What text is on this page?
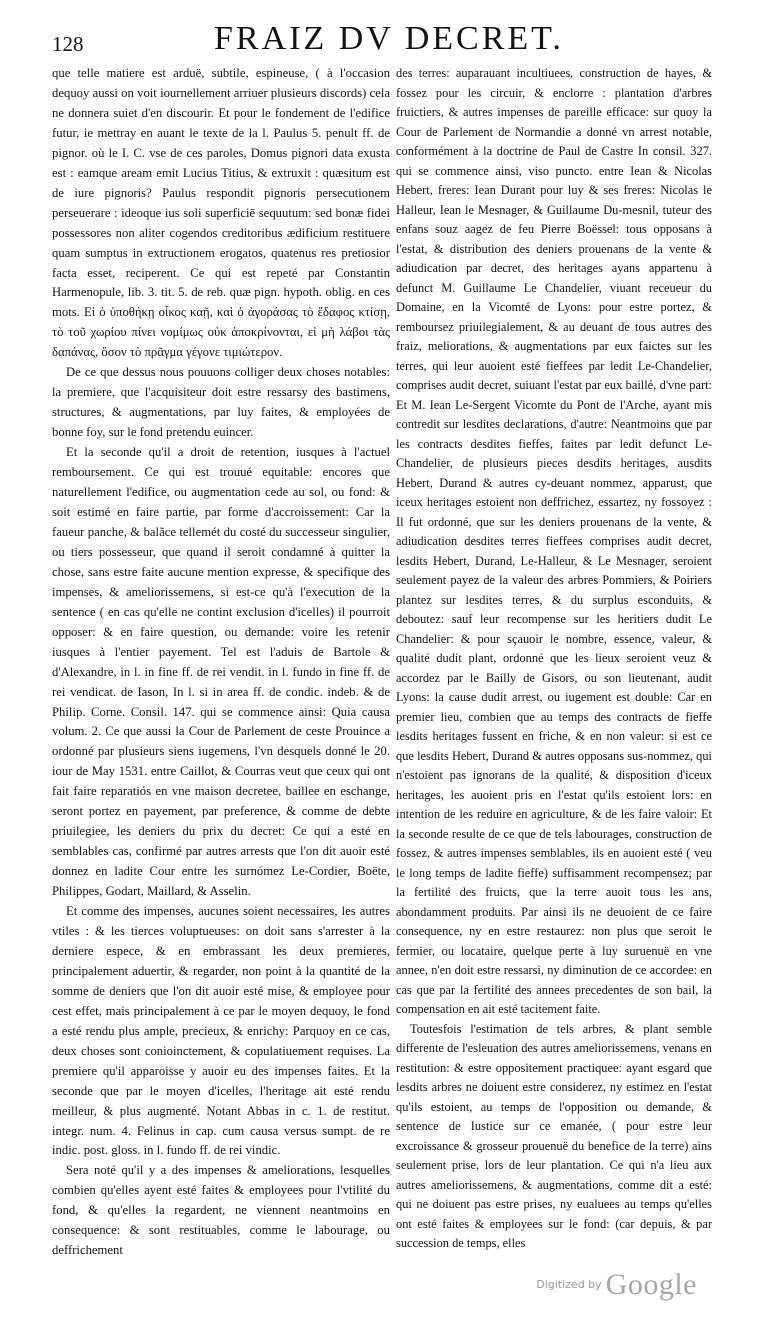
128	FRAIZ DV DECRET.

que telle matiere est arduë, subtile, espineuse, ( à l'occasion dequoy aussi on voit iournellement arriuer plusieurs discords) cela ne donnera suiet d'en discourir. Et pour le fondement de l'edifice futur, ie mettray en auant le texte de la l. Paulus 5. penult ff. de pignor. où le I. C. vse de ces paroles, Domus pignori data exusta est : eamque aream emit Lucius Titius, & extruxit : quæsitum est de iure pignoris? Paulus respondit pignoris persecutionem perseuerare : ideoque ius soli superficiē sequutum: sed bonæ fidei possessores non aliter cogendos creditoribus ædificium restituere quam sumptus in extructionem erogatos, quatenus res pretiosior facta esset, reciperent. Ce qui est repeté par Constantin Harmenopule, lib. 3. tit. 5. de reb. quæ pign. hypoth. oblig. en ces mots. Εἰ ὁ ὑποθήκῃ οἶκος καῇ, καὶ ὁ ἀγοράσας τὸ ἔδαφος κτίσῃ, τὸ τοῦ χωρίου πίνει νομίμως οὐκ ἀποκρίνονται, εἰ μὴ λάβοι τὰς δαπάνας, ὅσον τὸ πρᾶγμα γέγονε τιμιώτερον.

De ce que dessus nous pouuons colliger deux choses notables: la premiere, que l'acquisiteur doit estre ressarsy des bastimens, structures, & augmentations, par luy faites, & employées de bonne foy, sur le fond pretendu euincer.

Et la seconde qu'il a droit de retention, iusques à l'actuel remboursement. Ce qui est trouué equitable: encores que naturellement l'edifice, ou augmentation cede au sol, ou fond: & soit estimé en faire partie, par forme d'accroissement: Car la faueur panche, & balãce tellemét du costé du successeur singulier, ou tiers possesseur, que quand il seroit condamné à quitter la chose, sans estre faite aucune mention expresse, & specifique des impenses, & ameliorissemens, si est-ce qu'à l'execution de la sentence ( en cas qu'elle ne contint exclusion d'icelles) il pourroit opposer: & en faire question, ou demande: voire les retenir iusques à l'entier payement. Tel est l'aduis de Bartole & d'Alexandre, in l. in fine ff. de rei vendit. in l. fundo in fine ff. de rei vendicat. de Iason, In l. si in area ff. de condic. indeb. & de Philip. Corne. Consil. 147. qui se commence ainsi: Quia causa volum. 2. Ce que aussi la Cour de Parlement de ceste Prouince a ordonné par plusieurs siens iugemens, l'vn desquels donné le 20. iour de May 1531. entre Caillot, & Courras veut que ceux qui ont fait faire reparatiós en vne maison decretee, baillee en eschange, seront portez en payement, par preference, & comme de debte priuilegiee, les deniers du prix du decret: Ce qui a esté en semblables cas, confirmé par autres arrests que l'on dit auoir esté donnez en ladite Cour entre les surnómez Le-Cordier, Boëte, Philippes, Godart, Maillard, & Asselin.

Et comme des impenses, aucunes soient necessaires, les autres vtiles : & les tierces voluptueuses: on doit sans s'arrester à la derniere espece, & en embrassant les deux premieres, principalement aduertir, & regarder, non point à la quantité de la somme de deniers que l'on dit auoir esté mise, & employee pour cest effet, mais principalement à ce par le moyen dequoy, le fond a esté rendu plus ample, precieux, & enrichy: Parquoy en ce cas, deux choses sont conioinctement, & copulatiuement requises. La premiere qu'il apparoisse y auoir eu des impenses faites. Et la seconde que par le moyen d'icelles, l'heritage ait esté rendu meilleur, & plus augmenté. Notant Abbas in c. 1. de restitut. integr. num. 4. Felinus in cap. cum causa versus sumpt. de re indic. post. gloss. in l. fundo ff. de rei vindic.

Sera noté qu'il y a des impenses & ameliorations, lesquelles combien qu'elles ayent esté faites & employees pour l'vtilité du fond, & qu'elles la regardent, ne viennent neantmoins en consequence: & sont restituables, comme le labourage, ou deffrichement

des terres: auparauant incultiuees, construction de hayes, & fossez pour les circuir, & enclorre : plantation d'arbres fruictiers, & autres impenses de pareille efficace: sur quoy la Cour de Parlement de Normandie a donné vn arrest notable, conformément à la doctrine de Paul de Castre In consil. 327. qui se commence ainsi, viso puncto. entre Iean & Nicolas Hebert, freres: Iean Durant pour luy & ses freres: Nicolas le Halleur, Iean le Mesnager, & Guillaume Du-mesnil, tuteur des enfans souz aagez de feu Pierre Boëssel: tous opposans à l'estat, & distribution des deniers prouenans de la vente & adiudication par decret, des heritages ayans appartenu à defunct M. Guillaume Le Chandelier, viuant receueur du Domaine, en la Vicomté de Lyons: pour estre portez, & remboursez priuilegialement, & au deuant de tous autres des fraiz, meliorations, & augmentations par eux faictes sur les terres, qui leur auoient esté fieffees par ledit Le-Chandelier, comprises audit decret, suiuant l'estat par eux baillé, d'vne part: Et M. Iean Le-Sergent Vicomte du Pont de l'Arche, ayant mis contredit sur lesdites declarations, d'autre: Neantmoins que par les contracts desdites fieffes, faites par ledit defunct Le-Chandelier, de plusieurs pieces desdits heritages, ausdits Hebert, Durand & autres cy-deuant nommez, apparust, que iceux heritages estoient non deffrichez, essartez, ny fossoyez : Il fut ordonné, que sur les deniers prouenans de la vente, & adiudication desdites terres fieffees comprises audit decret, lesdits Hebert, Durand, Le-Halleur, & Le Mesnager, seroient seulement payez de la valeur des arbres Pommiers, & Poiriers plantez sur lesdites terres, & du surplus esconduits, & deboutez: sauf leur recompense sur les heritiers dudit Le Chandelier: & pour sçauoir le nombre, essence, valeur, & qualité dudit plant, ordonné que les lieux seroient veuz & accordez par le Bailly de Gisors, ou son lieutenant, audit Lyons: la cause dudit arrest, ou iugement est double: Car en premier lieu, combien que au temps des contracts de fieffe lesdits heritages fussent en friche, & en non valeur: si est ce que lesdits Hebert, Durand & autres opposans sus-nommez, qui n'estoient pas ignorans de la qualité, & disposition d'iceux heritages, les auoient pris en l'estat qu'ils estoient lors: en intention de les reduire en agriculture, & de les faire valoir: Et la seconde resulte de ce que de tels labourages, construction de fossez, & autres impenses semblables, ils en auoient esté ( veu le long temps de ladite fieffe) suffisamment recompensez; par la fertilité des fruicts, que la terre auoit tous les ans, abondamment produits. Par ainsi ils ne deuoient de ce faire consequence, ny en estre restaurez: non plus que seroit le fermier, ou locataire, quelque perte à luy suruenuë en vne annee, n'en doit estre ressarsi, ny diminution de ce accordee: en cas que par la fertilité des annees precedentes de son bail, la compensation en ait esté tacitement faite.

Toutesfois l'estimation de tels arbres, & plant semble differente de l'esleuation des autres ameliorissemens, venans en restitution: & estre oppositement practiquee: ayant esgard que lesdits arbres ne doiuent estre considerez, ny estimez en l'estat qu'ils estoient, au temps de l'opposition ou demande, & sentence de Iustice sur ce emanée, ( pour estre leur excroissance & grosseur prouenuë du benefice de la terre) ains seulement prise, lors de leur plantation. Ce qui n'a lieu aux autres ameliorissemens, & augmentations, comme dit a esté: qui ne doiuent pas estre prises, ny eualuees au temps qu'elles ont esté faites & employees sur le fond: (car depuis, & par succession de temps, elles

$^{Digitized by}$ Google
